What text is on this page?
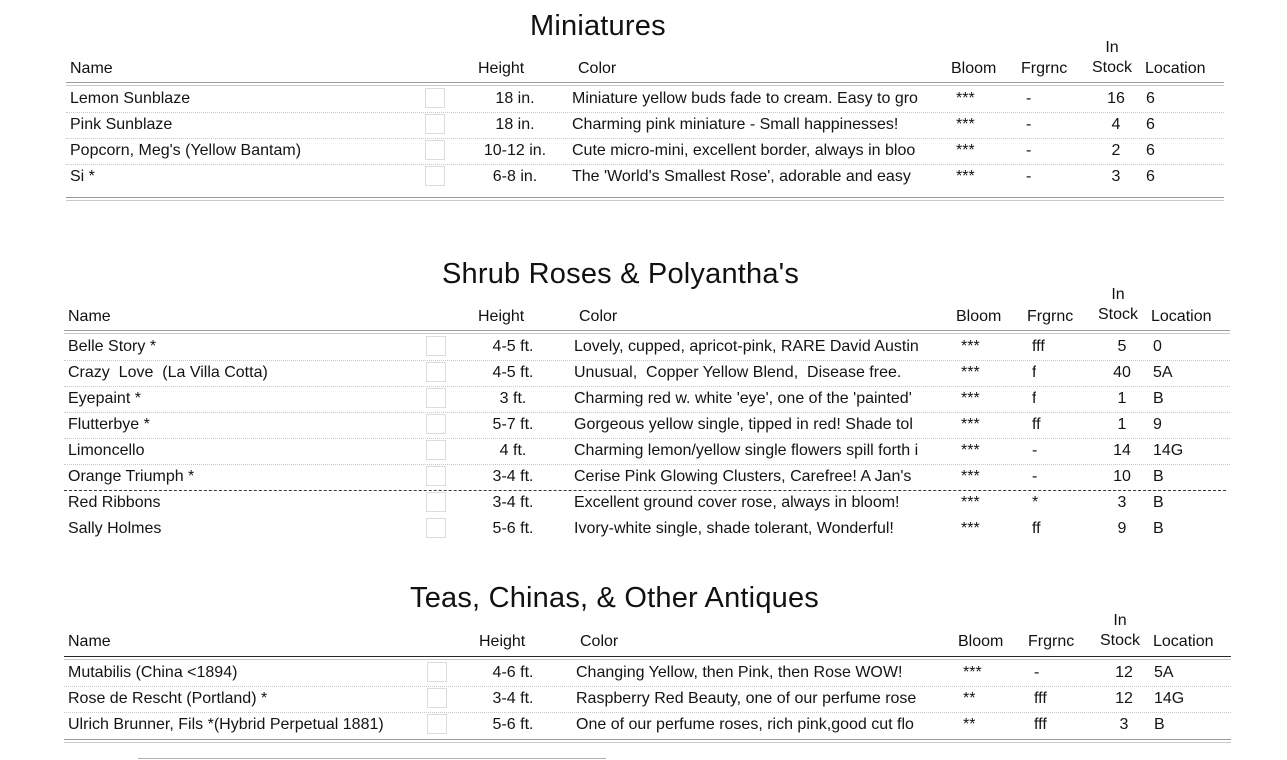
Miniatures
Name	Height	Color	Bloom Frgrnc
In
Stock Location
Lemon Sunblaze	18 in.	Miniature yellow buds fade to cream. Easy to gro	***	-	16	6
Pink Sunblaze	18 in.	Charming pink miniature - Small happinesses!	***	-	4	6
Popcorn, Meg's (Yellow Bantam)	10-12 in.	Cute micro-mini, excellent border, always in bloo	***	-	2	6
Si *	6-8 in.	The 'World's Smallest Rose', adorable and easy	***	-	3	6
Shrub Roses & Polyantha's
Name	Height	Color	Bloom Frgrnc
In
Stock Location
Belle Story *	4-5 ft.	Lovely, cupped, apricot-pink, RARE David Austin	***	fff	5	0
Crazy  Love  (La Villa Cotta)	4-5 ft.	Unusual,  Copper Yellow Blend,  Disease free.	***	f	40	5A
Eyepaint *	3 ft.	Charming red w. white 'eye', one of the 'painted'	***	f	1	B
Flutterbye *	5-7 ft.	Gorgeous yellow single, tipped in red! Shade tol	***	ff	1	9
Limoncello	4 ft.	Charming lemon/yellow single flowers spill forth i	***	-	14	14G
Orange Triumph *	3-4 ft.	Cerise Pink Glowing Clusters, Carefree! A Jan's	***	-	10	B
Red Ribbons	3-4 ft.	Excellent ground cover rose, always in bloom!	***	*	3	B
Sally Holmes	5-6 ft.	Ivory-white single, shade tolerant, Wonderful!	***	ff	9	B
Teas, Chinas, & Other Antiques
Name	Height	Color	Bloom Frgrnc
In
Stock Location
Mutabilis (China <1894)	4-6 ft.	Changing Yellow, then Pink, then Rose WOW!	***	-	12	5A
Rose de Rescht (Portland) *	3-4 ft.	Raspberry Red Beauty, one of our perfume rose	**	fff	12	14G
Ulrich Brunner, Fils *(Hybrid Perpetual 1881)	5-6 ft.	One of our perfume roses, rich pink,good cut flo	**	fff	3	B
